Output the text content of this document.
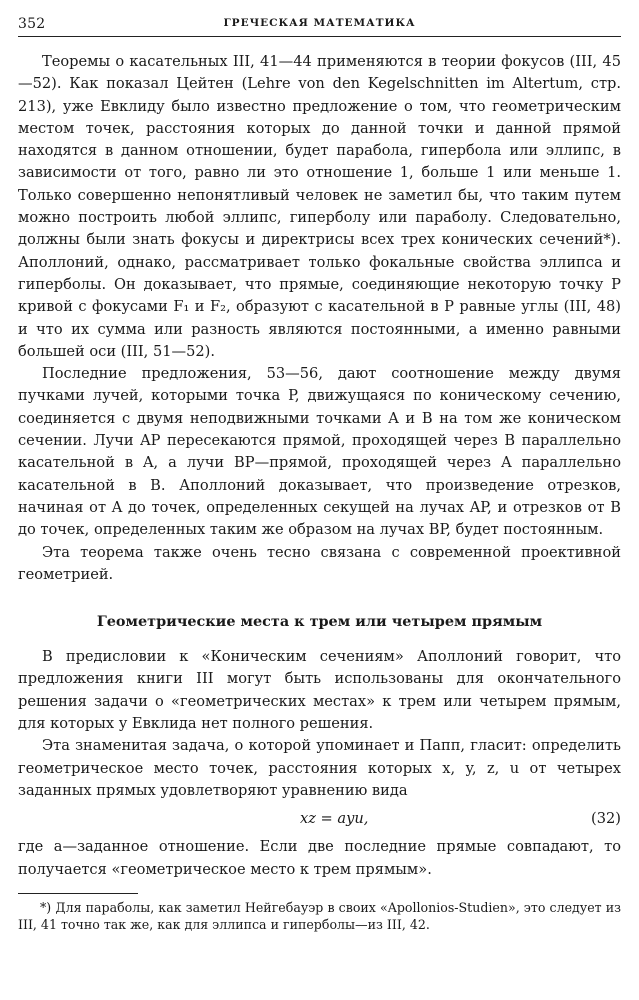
352	ГРЕЧЕСКАЯ МАТЕМАТИКА

Теоремы о касательных III, 41—44 применяются в теории фокусов (III, 45—52). Как показал Цейтен (Lehre von den Kegelschnitten im Altertum, стр. 213), уже Евклиду было известно предложение о том, что геометрическим местом точек, расстояния которых до данной точки и данной прямой находятся в данном отношении, будет парабола, гипербола или эллипс, в зависимости от того, равно ли это отношение 1, больше 1 или меньше 1. Только совершенно непонятливый человек не заметил бы, что таким путем можно построить любой эллипс, гиперболу или параболу. Следовательно, должны были знать фокусы и директрисы всех трех конических сечений*). Аполлоний, однако, рассматривает только фокальные свойства эллипса и гиперболы. Он доказывает, что прямые, соединяющие некоторую точку P кривой с фокусами F₁ и F₂, образуют с касательной в P равные углы (III, 48) и что их сумма или разность являются постоянными, а именно равными большей оси (III, 51—52).

Последние предложения, 53—56, дают соотношение между двумя пучками лучей, которыми точка P, движущаяся по коническому сечению, соединяется с двумя неподвижными точками A и B на том же коническом сечении. Лучи AP пересекаются прямой, проходящей через B параллельно касательной в A, а лучи BP—прямой, проходящей через A параллельно касательной в B. Аполлоний доказывает, что произведение отрезков, начиная от A до точек, определенных секущей на лучах AP, и отрезков от B до точек, определенных таким же образом на лучах BP, будет постоянным.

Эта теорема также очень тесно связана с современной проективной геометрией.

Геометрические места к трем или четырем прямым

В предисловии к «Коническим сечениям» Аполлоний говорит, что предложения книги III могут быть использованы для окончательного решения задачи о «геометрических местах» к трем или четырем прямым, для которых у Евклида нет полного решения.

Эта знаменитая задача, о которой упоминает и Папп, гласит: определить геометрическое место точек, расстояния которых x, y, z, u от четырех заданных прямых удовлетворяют уравнению вида

xz = ayu,	(32)

где a—заданное отношение. Если две последние прямые совпадают, то получается «геометрическое место к трем прямым».

*) Для параболы, как заметил Нейгебауэр в своих «Apollonios-Studien», это следует из III, 41 точно так же, как для эллипса и гиперболы—из III, 42.
